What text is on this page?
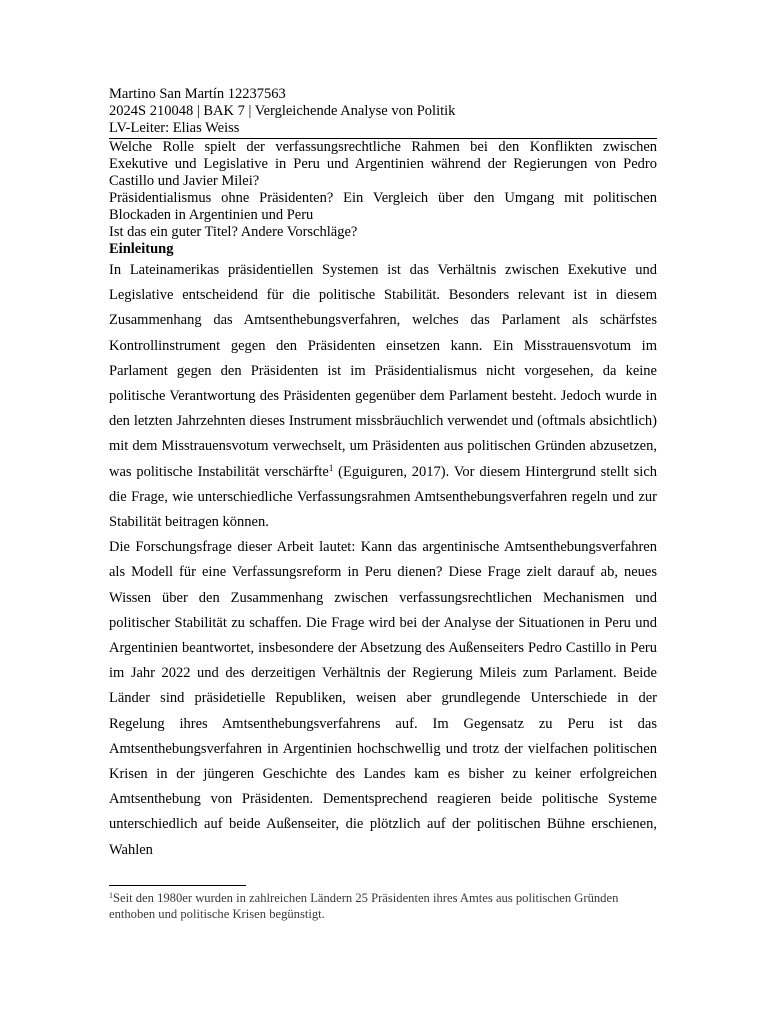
Martino San Martín 12237563
2024S 210048 | BAK 7 | Vergleichende Analyse von Politik
LV-Leiter: Elias Weiss
Welche Rolle spielt der verfassungsrechtliche Rahmen bei den Konflikten zwischen Exekutive und Legislative in Peru und Argentinien während der Regierungen von Pedro Castillo und Javier Milei?
Präsidentialismus ohne Präsidenten? Ein Vergleich über den Umgang mit politischen Blockaden in Argentinien und Peru
Ist das ein guter Titel? Andere Vorschläge?
Einleitung

In Lateinamerikas präsidentiellen Systemen ist das Verhältnis zwischen Exekutive und Legislative entscheidend für die politische Stabilität. Besonders relevant ist in diesem Zusammenhang das Amtsenthebungsverfahren, welches das Parlament als schärfstes Kontrollinstrument gegen den Präsidenten einsetzen kann. Ein Misstrauensvotum im Parlament gegen den Präsidenten ist im Präsidentialismus nicht vorgesehen, da keine politische Verantwortung des Präsidenten gegenüber dem Parlament besteht. Jedoch wurde in den letzten Jahrzehnten dieses Instrument missbräuchlich verwendet und (oftmals absichtlich) mit dem Misstrauensvotum verwechselt, um Präsidenten aus politischen Gründen abzusetzen, was politische Instabilität verschärfte$^1$ (Eguiguren, 2017). Vor diesem Hintergrund stellt sich die Frage, wie unterschiedliche Verfassungsrahmen Amtsenthebungsverfahren regeln und zur Stabilität beitragen können.

Die Forschungsfrage dieser Arbeit lautet: Kann das argentinische Amtsenthebungsverfahren als Modell für eine Verfassungsreform in Peru dienen? Diese Frage zielt darauf ab, neues Wissen über den Zusammenhang zwischen verfassungsrechtlichen Mechanismen und politischer Stabilität zu schaffen. Die Frage wird bei der Analyse der Situationen in Peru und Argentinien beantwortet, insbesondere der Absetzung des Außenseiters Pedro Castillo in Peru im Jahr 2022 und des derzeitigen Verhältnis der Regierung Mileis zum Parlament. Beide Länder sind präsidetielle Republiken, weisen aber grundlegende Unterschiede in der Regelung ihres Amtsenthebungsverfahrens auf. Im Gegensatz zu Peru ist das Amtsenthebungsverfahren in Argentinien hochschwellig und trotz der vielfachen politischen Krisen in der jüngeren Geschichte des Landes kam es bisher zu keiner erfolgreichen Amtsenthebung von Präsidenten. Dementsprechend reagieren beide politische Systeme unterschiedlich auf beide Außenseiter, die plötzlich auf der politischen Bühne erschienen, Wahlen

$^1$Seit den 1980er wurden in zahlreichen Ländern 25 Präsidenten ihres Amtes aus politischen Gründen enthoben und politische Krisen begünstigt.
